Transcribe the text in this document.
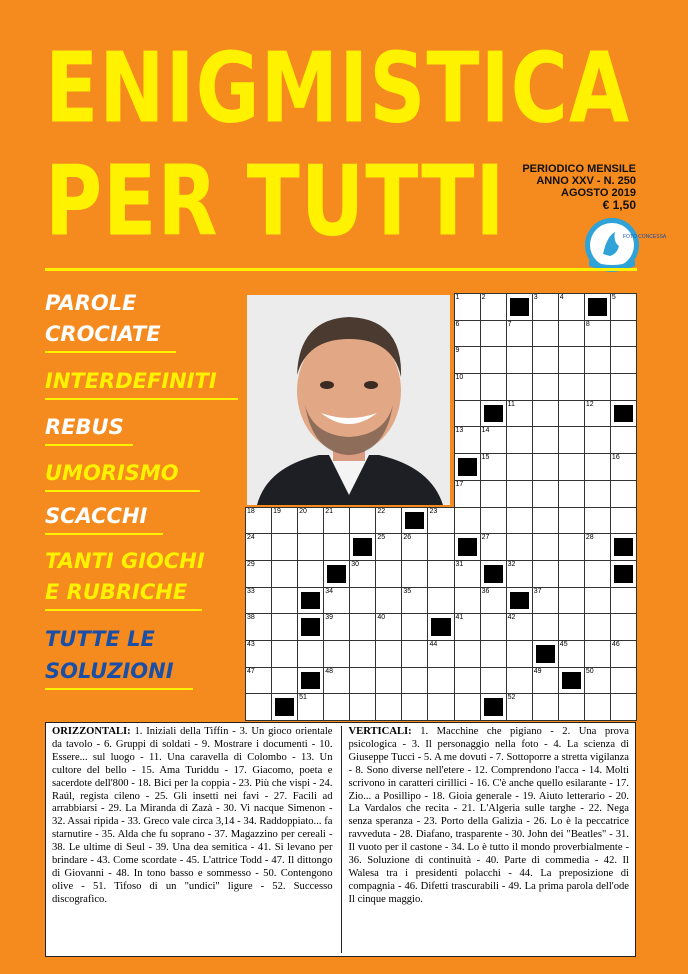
ENIGMISTICA
PER TUTTI PERIODICO MENSILE
ANNO XXV - N. 250
AGOSTO 2019
€ 1,50
FOTO CONCESSA
PAROLE
CROCIATE
INTERDEFINITI
REBUS
UMORISMO
SCACCHI
TANTI GIOCHI
E RUBRICHE
TUTTE LE
SOLUZIONI
1	2	3	4	5
6	7	8
9
10
11	12
13	14
15	16
17
18	19	20	21	22	23
24	25	26	27	28
29	30	31	32
33	34	35	36	37
38	39	40	41	42
43	44	45	46
47	48	49	50
51	52
ORIZZONTALI: 1. Iniziali della Tiffin - 3. Un gioco orientale da tavolo - 6. Gruppi di soldati - 9. Mostrare i documenti - 10. Essere... sul luogo - 11. Una caravella di Colombo - 13. Un cultore del bello - 15. Ama Turiddu - 17. Giacomo, poeta e sacerdote dell'800 - 18. Bici per la coppia - 23. Più che vispi - 24. Raúl, regista cileno - 25. Gli insetti nei favi - 27. Facili ad arrabbiarsi - 29. La Miranda di Zazà - 30. Vi nacque Simenon - 32. Assai ripida - 33. Greco vale circa 3,14 - 34. Raddoppiato... fa starnutire - 35. Alda che fu soprano - 37. Magazzino per cereali - 38. Le ultime di Seul - 39. Una dea semitica - 41. Si levano per brindare - 43. Come scordate - 45. L'attrice Todd - 47. Il dittongo di Giovanni - 48. In tono basso e sommesso - 50. Contengono olive - 51. Tifoso di un "undici" ligure - 52. Successo discografico.
VERTICALI: 1. Macchine che pigiano - 2. Una prova psicologica - 3. Il personaggio nella foto - 4. La scienza di Giuseppe Tucci - 5. A me dovuti - 7. Sottoporre a stretta vigilanza - 8. Sono diverse nell'etere - 12. Comprendono l'acca - 14. Molti scrivono in caratteri cirillici - 16. C'è anche quello esilarante - 17. Zio... a Posillipo - 18. Gioia generale - 19. Aiuto letterario - 20. La Vardalos che recita - 21. L'Algeria sulle targhe - 22. Nega senza speranza - 23. Porto della Galizia - 26. Lo è la peccatrice ravveduta - 28. Diafano, trasparente - 30. John dei "Beatles" - 31. Il vuoto per il castone - 34. Lo è tutto il mondo proverbialmente - 36. Soluzione di continuità - 40. Parte di commedia - 42. Il Walesa tra i presidenti polacchi - 44. La preposizione di compagnia - 46. Difetti trascurabili - 49. La prima parola dell'ode Il cinque maggio.
